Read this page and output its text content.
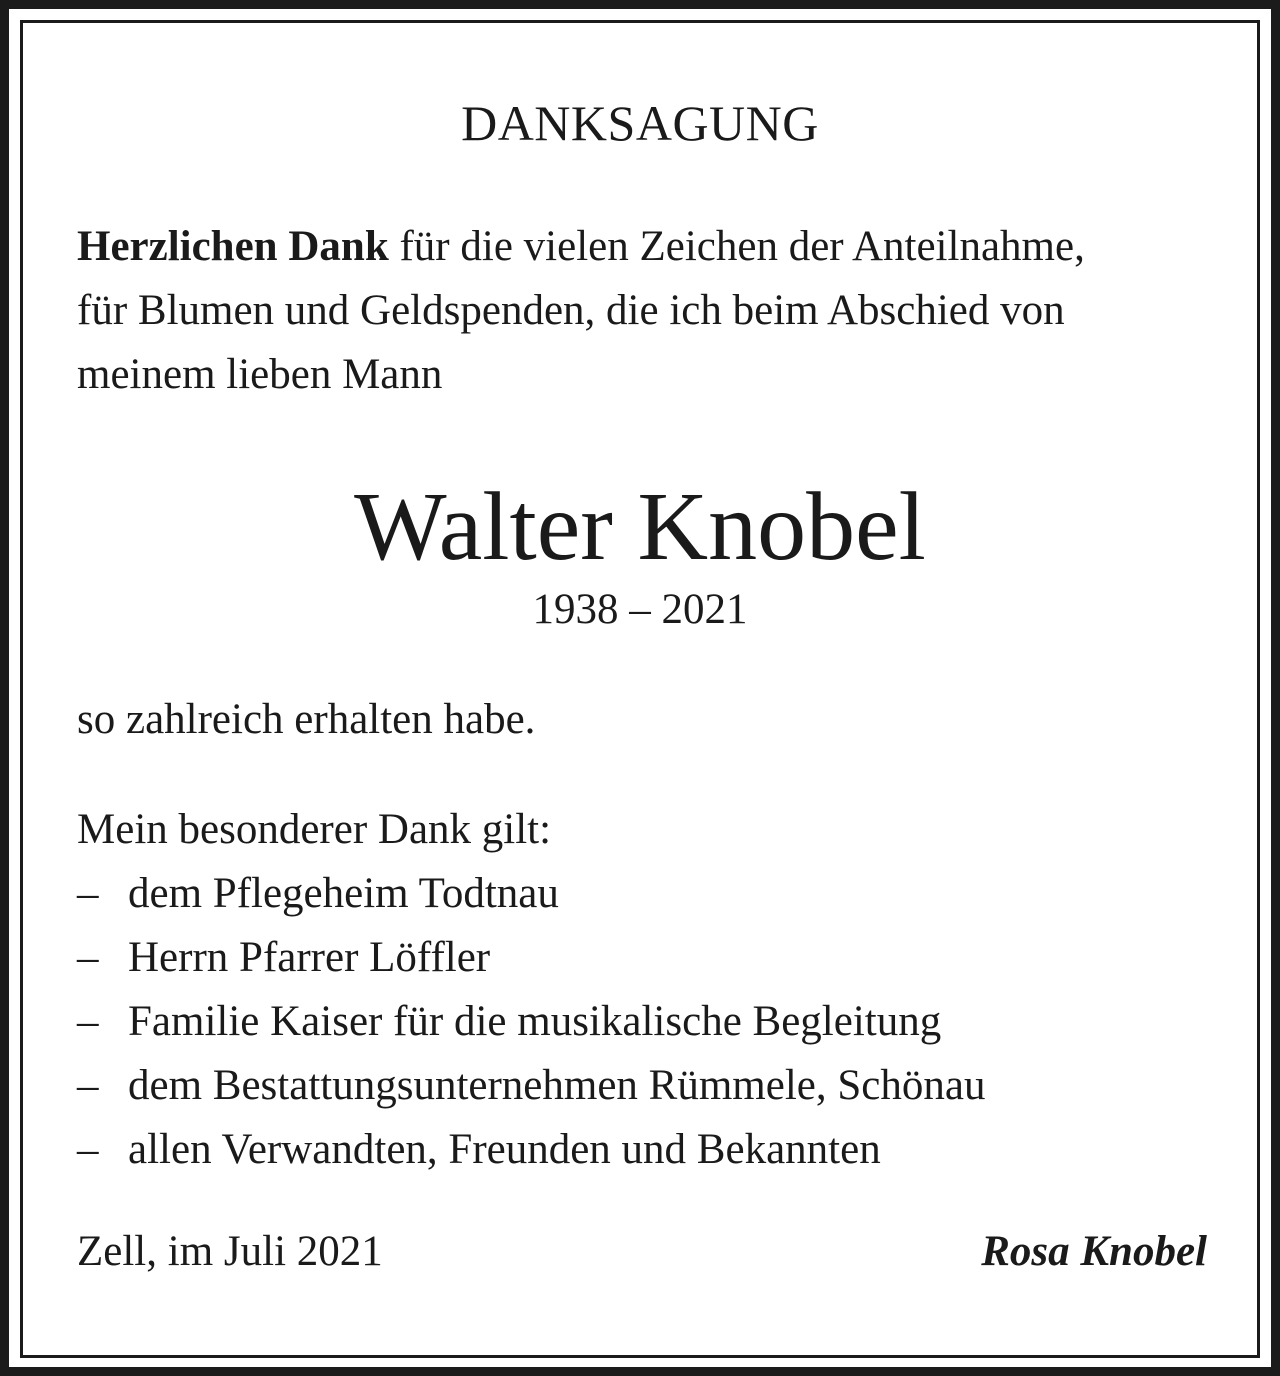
DANKSAGUNG
Herzlichen Dank für die vielen Zeichen der Anteilnahme,
für Blumen und Geldspenden, die ich beim Abschied von
meinem lieben Mann
Walter Knobel
1938 – 2021
so zahlreich erhalten habe.
Mein besonderer Dank gilt:
– dem Pflegeheim Todtnau
– Herrn Pfarrer Löffler
– Familie Kaiser für die musikalische Begleitung
– dem Bestattungsunternehmen Rümmele, Schönau
– allen Verwandten, Freunden und Bekannten
Zell, im Juli 2021	Rosa Knobel
